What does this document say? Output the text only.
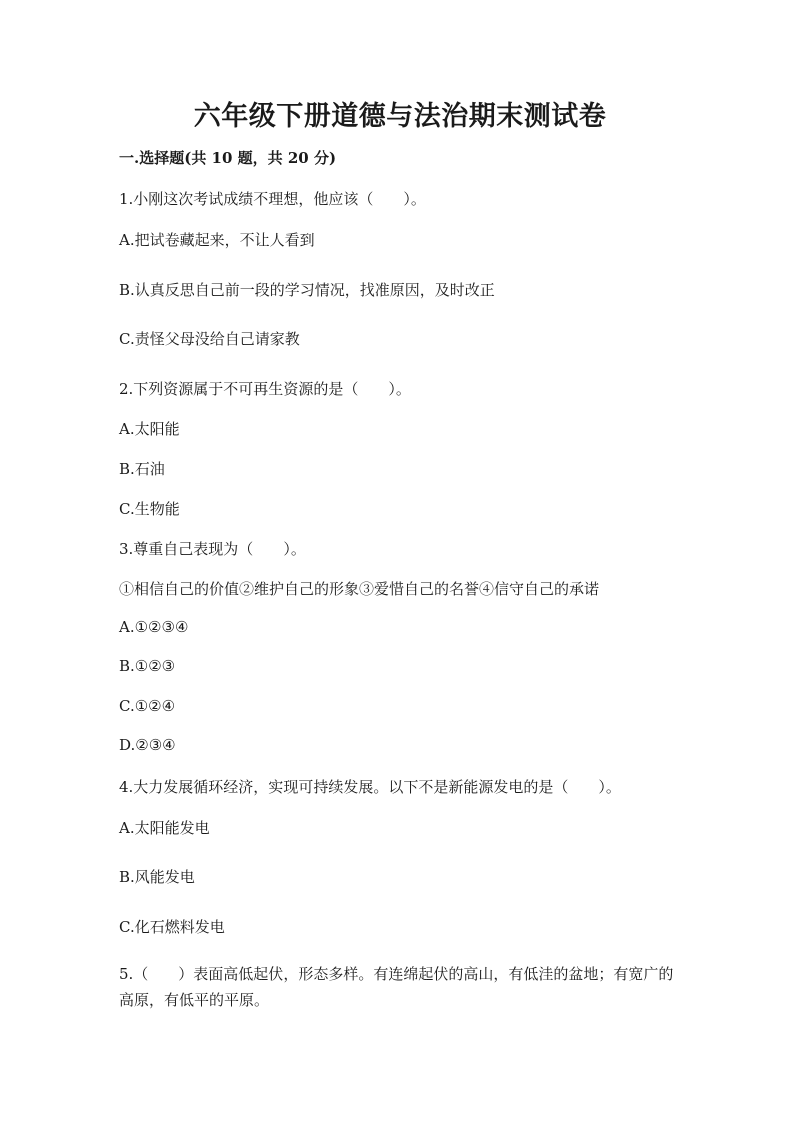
六年级下册道德与法治期末测试卷
一.选择题(共 10 题，共 20 分)
1.小刚这次考试成绩不理想，他应该（　　）。
A.把试卷藏起来，不让人看到
B.认真反思自己前一段的学习情况，找准原因，及时改正
C.责怪父母没给自己请家教
2.下列资源属于不可再生资源的是（　　）。
A.太阳能
B.石油
C.生物能
3.尊重自己表现为（　　）。
①相信自己的价值②维护自己的形象③爱惜自己的名誉④信守自己的承诺
A.①②③④
B.①②③
C.①②④
D.②③④
4.大力发展循环经济，实现可持续发展。以下不是新能源发电的是（　　）。
A.太阳能发电
B.风能发电
C.化石燃料发电
5.（　　）表面高低起伏，形态多样。有连绵起伏的高山，有低洼的盆地；有宽广的高原，有低平的平原。
